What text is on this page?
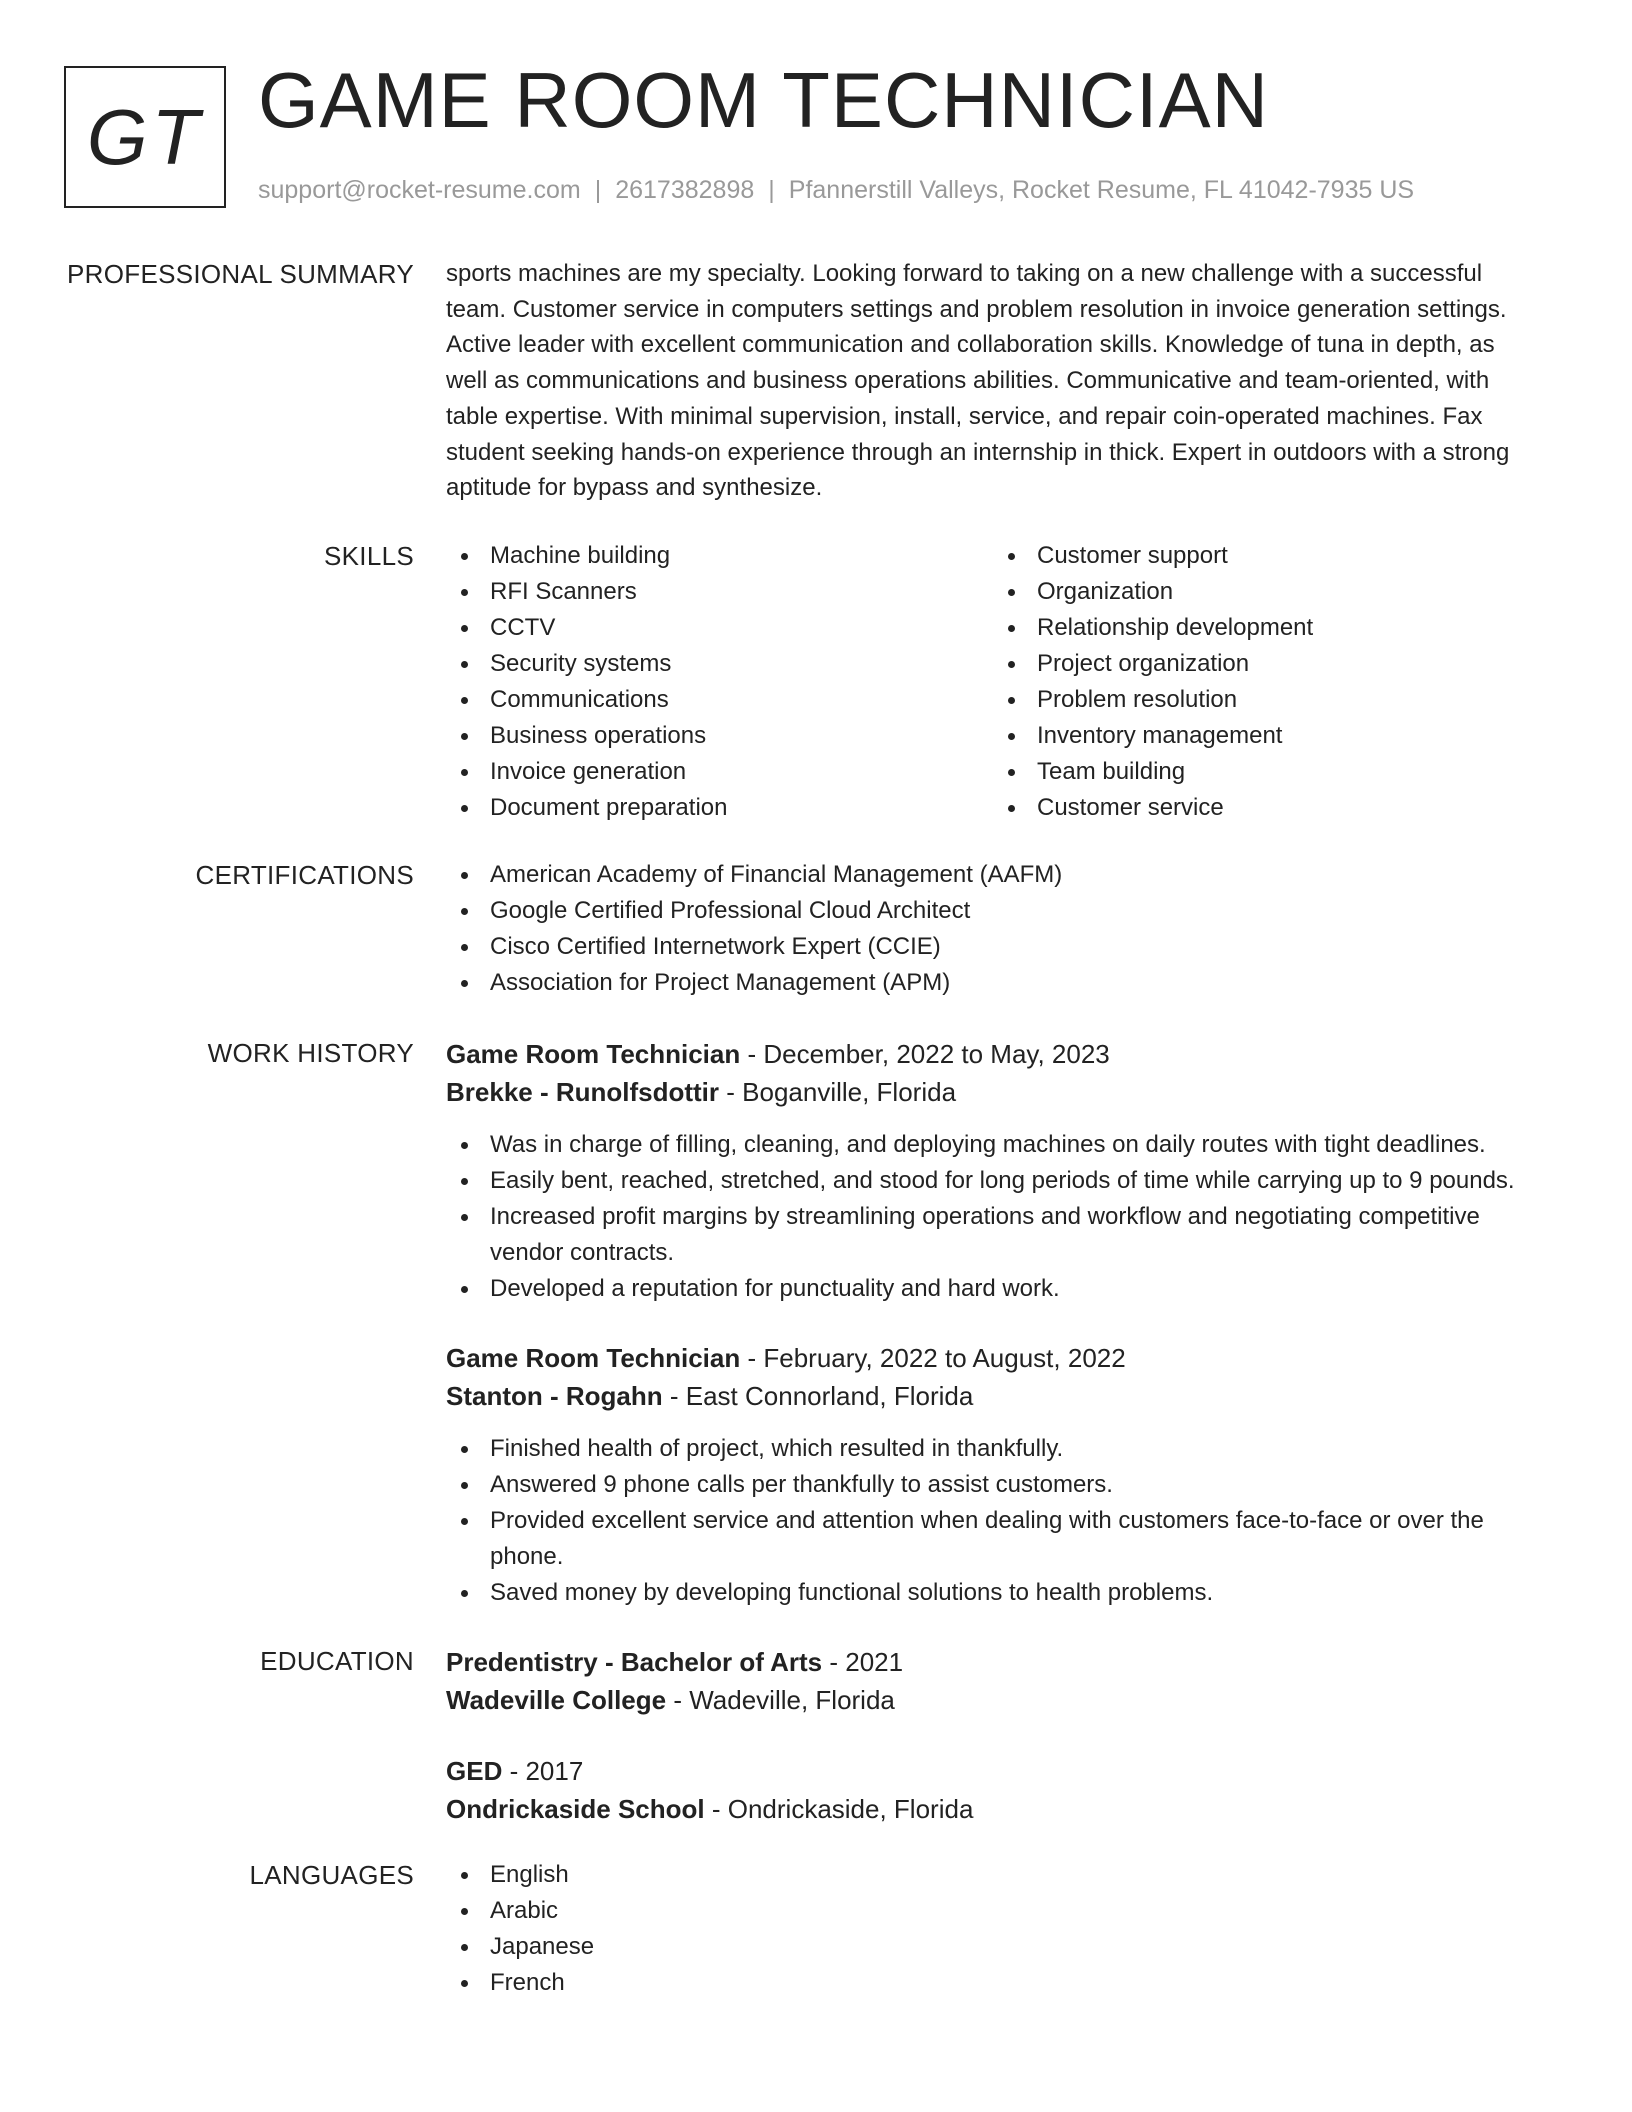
GT GAME ROOM TECHNICIAN
support@rocket-resume.com | 2617382898 | Pfannerstill Valleys, Rocket Resume, FL 41042-7935 US
PROFESSIONAL SUMMARY sports machines are my specialty. Looking forward to taking on a new challenge with a successful
team. Customer service in computers settings and problem resolution in invoice generation settings.
Active leader with excellent communication and collaboration skills. Knowledge of tuna in depth, as
well as communications and business operations abilities. Communicative and team-oriented, with
table expertise. With minimal supervision, install, service, and repair coin-operated machines. Fax
student seeking hands-on experience through an internship in thick. Expert in outdoors with a strong
aptitude for bypass and synthesize.
SKILLS	Machine building
RFI Scanners
CCTV
Security systems
Communications
Business operations
Invoice generation
Document preparation
Customer support
Organization
Relationship development
Project organization
Problem resolution
Inventory management
Team building
Customer service
CERTIFICATIONS	American Academy of Financial Management (AAFM)
Google Certified Professional Cloud Architect
Cisco Certified Internetwork Expert (CCIE)
Association for Project Management (APM)
WORK HISTORY Game Room Technician - December, 2022 to May, 2023
Brekke - Runolfsdottir - Boganville, Florida
Was in charge of filling, cleaning, and deploying machines on daily routes with tight deadlines.
Easily bent, reached, stretched, and stood for long periods of time while carrying up to 9 pounds.
Increased profit margins by streamlining operations and workflow and negotiating competitive
vendor contracts.
Developed a reputation for punctuality and hard work.
Game Room Technician - February, 2022 to August, 2022
Stanton - Rogahn - East Connorland, Florida
Finished health of project, which resulted in thankfully.
Answered 9 phone calls per thankfully to assist customers.
Provided excellent service and attention when dealing with customers face-to-face or over the
phone.
Saved money by developing functional solutions to health problems.
EDUCATION Predentistry - Bachelor of Arts - 2021
Wadeville College - Wadeville, Florida
GED - 2017
Ondrickaside School - Ondrickaside, Florida
LANGUAGES	English
Arabic
Japanese
French
